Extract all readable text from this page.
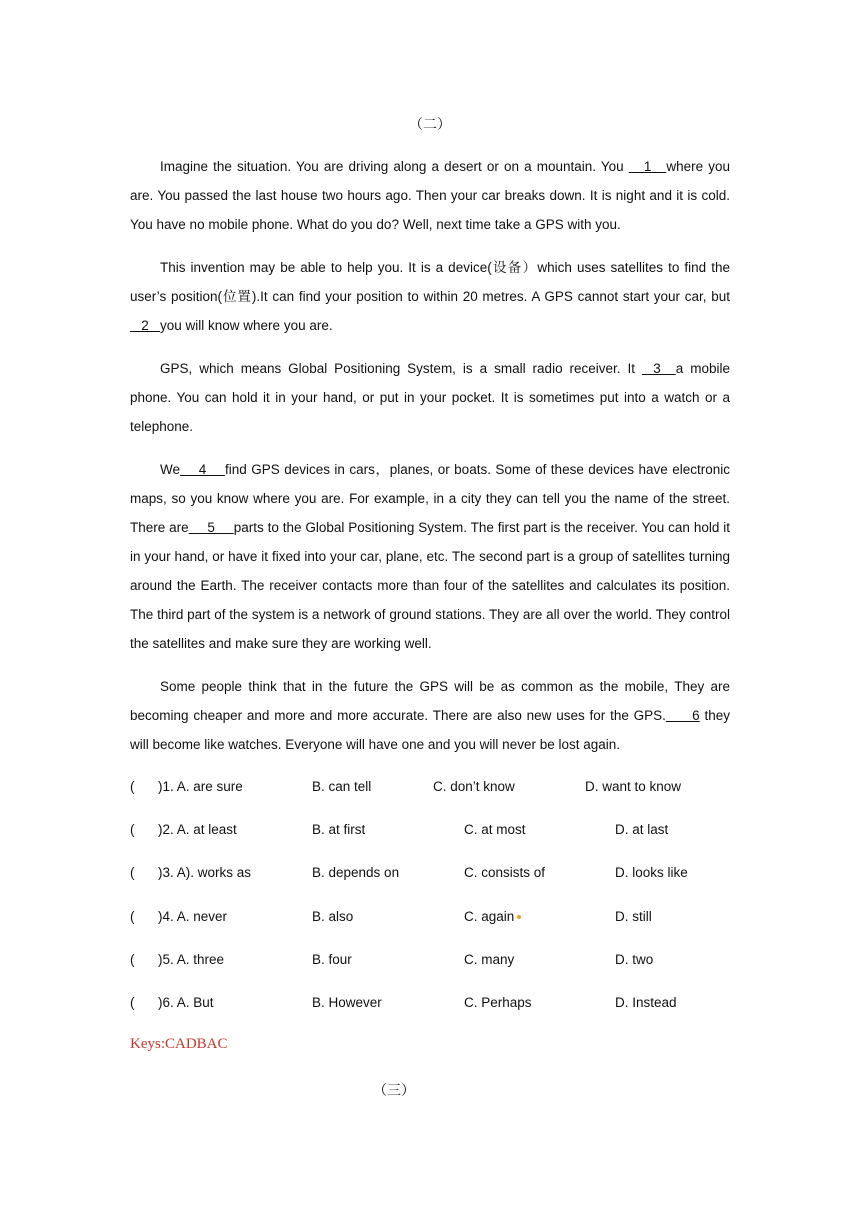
（二）
Imagine the situation. You are driving along a desert or on a mountain. You     1    where you are. You passed the last house two hours ago. Then your car breaks down. It is night and it is cold. You have no mobile phone. What do you do? Well, next time take a GPS with you.
This invention may be able to help you. It is a device(设备）which uses satellites to find the user’s position(位置).It can find your position to within 20 metres. A GPS cannot start your car, but    2   you will know where you are.
GPS, which means Global Positioning System, is a small radio receiver. It    3    a mobile phone. You can hold it in your hand, or put in your pocket. It is sometimes put into a watch or a telephone.
We     4     find GPS devices in cars，planes, or boats. Some of these devices have electronic maps, so you know where you are. For example, in a city they can tell you the name of the street. There are     5     parts to the Global Positioning System. The first part is the receiver. You can hold it in your hand, or have it fixed into your car, plane, etc. The second part is a group of satellites turning around the Earth. The receiver contacts more than four of the satellites and calculates its position. The third part of the system is a network of ground stations. They are all over the world. They control the satellites and make sure they are working well.
Some people think that in the future the GPS will be as common as the mobile, They are becoming cheaper and more and more accurate. There are also new uses for the GPS.       6 they will become like watches. Everyone will have one and you will never be lost again.
( )1. A. are sure	B. can tell	C. don’t know	D. want to know
( )2. A. at least	B. at first	C. at most	D. at last
( )3. A). works as	B. depends on	C. consists of	D. looks like
( )4. A. never	B. also	C. again	D. still
( )5. A. three	B. four	C. many	D. two
( )6. A. But	B. However	C. Perhaps	D. Instead
Keys:CADBAC
（三）
